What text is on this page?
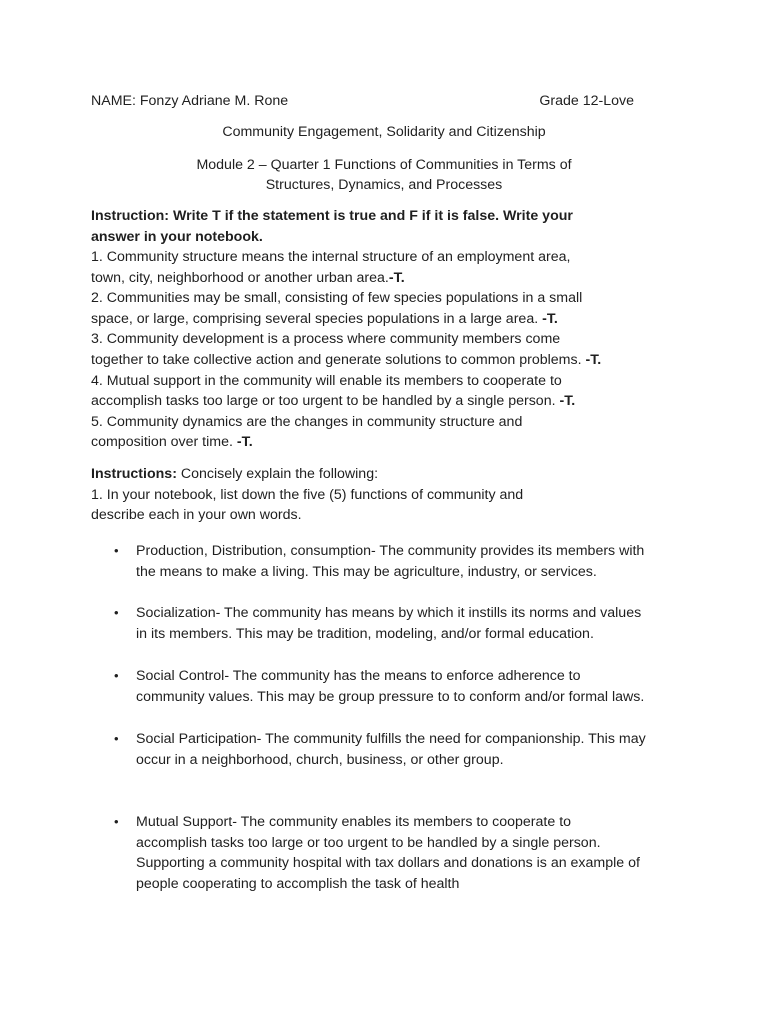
NAME: Fonzy Adriane M. Rone	Grade 12-Love
Community Engagement, Solidarity and Citizenship
Module 2 – Quarter 1 Functions of Communities in Terms of
Structures, Dynamics, and Processes
Instruction: Write T if the statement is true and F if it is false. Write your
answer in your notebook.
1. Community structure means the internal structure of an employment area,
town, city, neighborhood or another urban area.-T.
2. Communities may be small, consisting of few species populations in a small
space, or large, comprising several species populations in a large area. -T.
3. Community development is a process where community members come
together to take collective action and generate solutions to common problems. -T.
4. Mutual support in the community will enable its members to cooperate to
accomplish tasks too large or too urgent to be handled by a single person. -T.
5. Community dynamics are the changes in community structure and
composition over time. -T.
Instructions: Concisely explain the following:
1. In your notebook, list down the five (5) functions of community and
describe each in your own words.
•	Production, Distribution, consumption- The community provides its members with
the means to make a living. This may be agriculture, industry, or services.
•	Socialization- The community has means by which it instills its norms and values
in its members. This may be tradition, modeling, and/or formal education.
•	Social Control- The community has the means to enforce adherence to
community values. This may be group pressure to to conform and/or formal laws.
•	Social Participation- The community fulfills the need for companionship. This may
occur in a neighborhood, church, business, or other group.
•	Mutual Support- The community enables its members to cooperate to
accomplish tasks too large or too urgent to be handled by a single person.
Supporting a community hospital with tax dollars and donations is an example of
people cooperating to accomplish the task of health
